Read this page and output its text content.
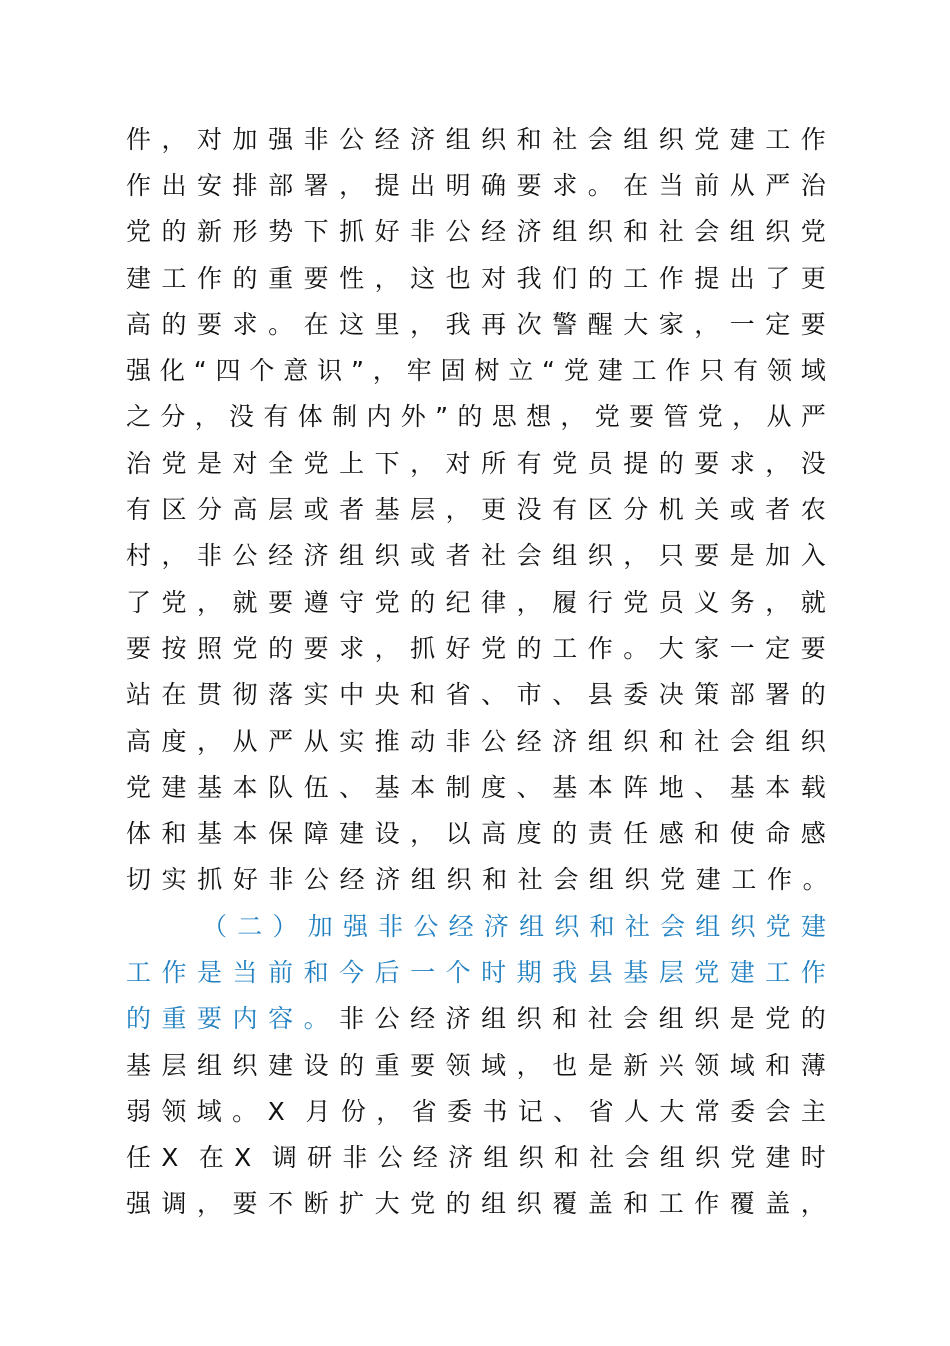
件 ， 对 加 强 非 公 经 济 组 织 和 社 会 组 织 党 建 工 作
作 出 安 排 部 署 ， 提 出 明 确 要 求 。 在 当 前 从 严 治
党 的 新 形 势 下 抓 好 非 公 经 济 组 织 和 社 会 组 织 党
建 工 作 的 重 要 性 ， 这 也 对 我 们 的 工 作 提 出 了 更
高 的 要 求 。 在 这 里 ， 我 再 次 警 醒 大 家 ， 一 定 要
强 化 “ 四 个 意 识 ” ， 牢 固 树 立 “ 党 建 工 作 只 有 领 域
之 分 ， 没 有 体 制 内 外 ” 的 思 想 ， 党 要 管 党 ， 从 严
治 党 是 对 全 党 上 下 ， 对 所 有 党 员 提 的 要 求 ， 没
有 区 分 高 层 或 者 基 层 ， 更 没 有 区 分 机 关 或 者 农
村 ， 非 公 经 济 组 织 或 者 社 会 组 织 ， 只 要 是 加 入
了 党 ， 就 要 遵 守 党 的 纪 律 ， 履 行 党 员 义 务 ， 就
要 按 照 党 的 要 求 ， 抓 好 党 的 工 作 。 大 家 一 定 要
站 在 贯 彻 落 实 中 央 和 省 、 市 、 县 委 决 策 部 署 的
高 度 ， 从 严 从 实 推 动 非 公 经 济 组 织 和 社 会 组 织
党 建 基 本 队 伍 、 基 本 制 度 、 基 本 阵 地 、 基 本 载
体 和 基 本 保 障 建 设 ， 以 高 度 的 责 任 感 和 使 命 感
切 实 抓 好 非 公 经 济 组 织 和 社 会 组 织 党 建 工 作 。
（ 二 ） 加 强 非 公 经 济 组 织 和 社 会 组 织 党 建
工 作 是 当 前 和 今 后 一 个 时 期 我 县 基 层 党 建 工 作
的 重 要 内 容 。 非 公 经 济 组 织 和 社 会 组 织 是 党 的
基 层 组 织 建 设 的 重 要 领 域 ， 也 是 新 兴 领 域 和 薄
弱 领 域 。 X 月 份 ， 省 委 书 记 、 省 人 大 常 委 会 主
任 X 在 X 调 研 非 公 经 济 组 织 和 社 会 组 织 党 建 时
强 调 ， 要 不 断 扩 大 党 的 组 织 覆 盖 和 工 作 覆 盖 ，
